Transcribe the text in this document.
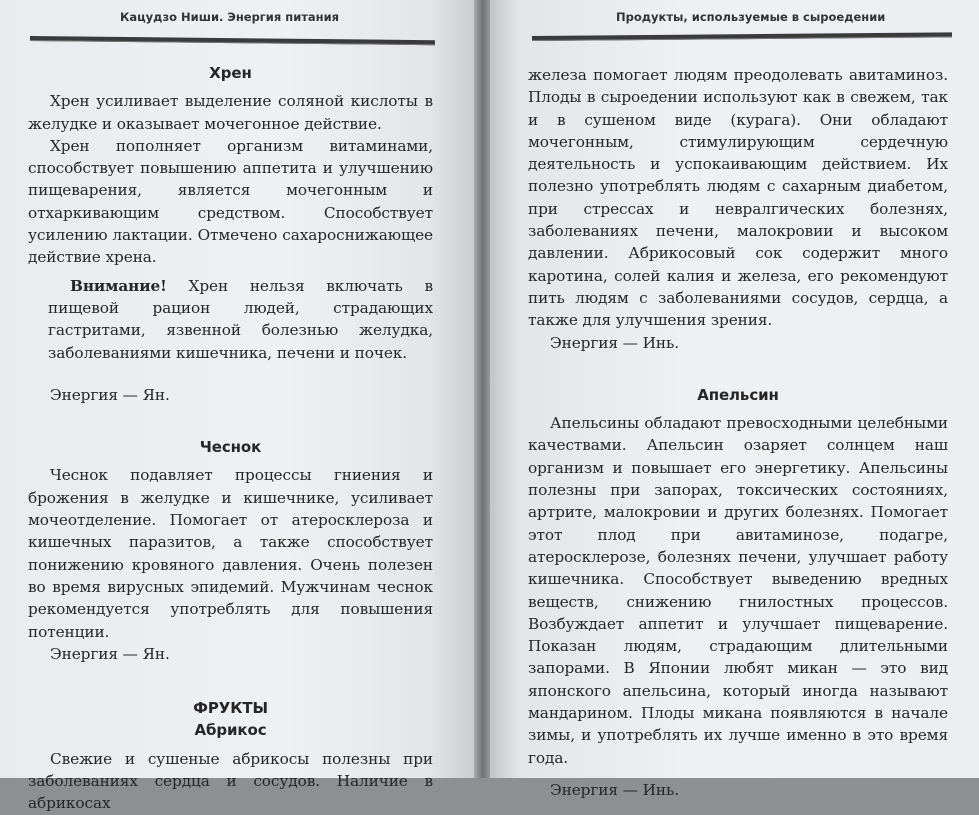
Кацудзо Ниши. Энергия питания
Хрен

Хрен усиливает выделение соляной кислоты в желудке и оказывает мочегонное действие.

Хрен пополняет организм витаминами, способствует повышению аппетита и улучшению пищеварения, является мочегонным и отхаркивающим средством. Способствует усилению лактации. Отмечено сахароснижающее действие хрена.

Внимание! Хрен нельзя включать в пищевой рацион людей, страдающих гастритами, язвенной болезнью желудка, заболеваниями кишечника, печени и почек.

Энергия — Ян.

Чеснок

Чеснок подавляет процессы гниения и брожения в желудке и кишечнике, усиливает мочеотделение. Помогает от атеросклероза и кишечных паразитов, а также способствует понижению кровяного давления. Очень полезен во время вирусных эпидемий. Мужчинам чеснок рекомендуется употреблять для повышения потенции.

Энергия — Ян.

ФРУКТЫ
Абрикос

Свежие и сушеные абрикосы полезны при заболеваниях сердца и сосудов. Наличие в абрикосах

Продукты, используемые в сыроедении

железа помогает людям преодолевать авитаминоз. Плоды в сыроедении используют как в свежем, так и в сушеном виде (курага). Они обладают мочегонным, стимулирующим сердечную деятельность и успокаивающим действием. Их полезно употреблять людям с сахарным диабетом, при стрессах и невралгических болезнях, заболеваниях печени, малокровии и высоком давлении. Абрикосовый сок содержит много каротина, солей калия и железа, его рекомендуют пить людям с заболеваниями сосудов, сердца, а также для улучшения зрения.

Энергия — Инь.

Апельсин

Апельсины обладают превосходными целебными качествами. Апельсин озаряет солнцем наш организм и повышает его энергетику. Апельсины полезны при запорах, токсических состояниях, артрите, малокровии и других болезнях. Помогает этот плод при авитаминозе, подагре, атеросклерозе, болезнях печени, улучшает работу кишечника. Способствует выведению вредных веществ, снижению гнилостных процессов. Возбуждает аппетит и улучшает пищеварение. Показан людям, страдающим длительными запорами. В Японии любят микан — это вид японского апельсина, который иногда называют мандарином. Плоды микана появляются в начале зимы, и употреблять их лучше именно в это время года.

Энергия — Инь.
